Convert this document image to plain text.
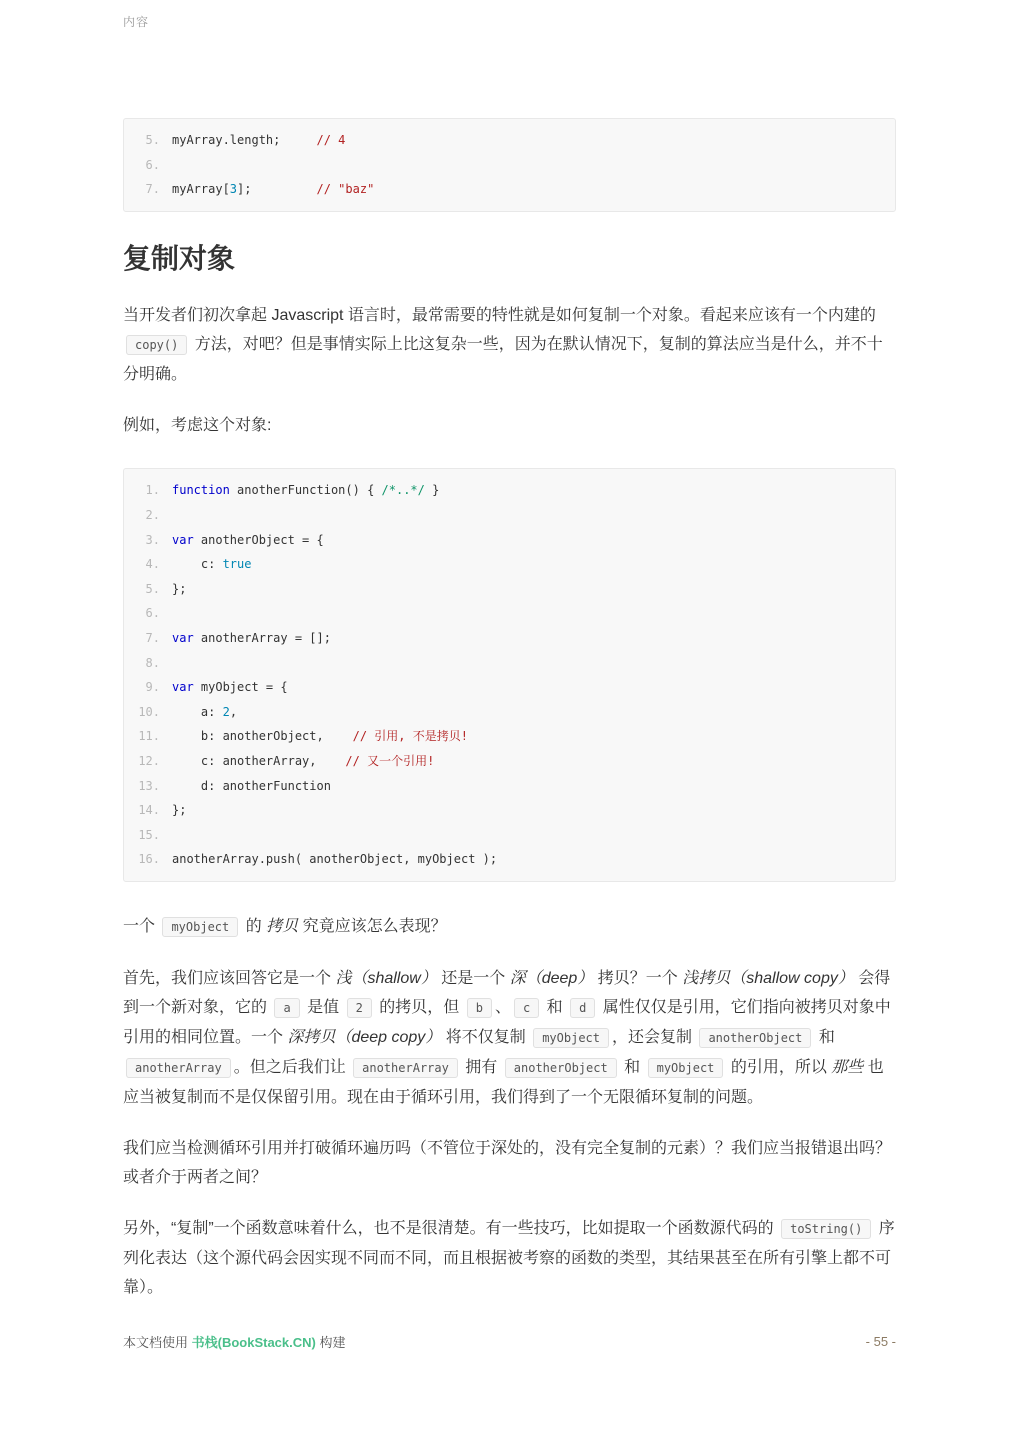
内容
5. myArray.length;     // 4
6.
7. myArray[3];         // "baz"
复制对象

当开发者们初次拿起 Javascript 语言时，最常需要的特性就是如何复制一个对象。看起来应该有一个内建的 copy() 方法，对吧？但是事情实际上比这复杂一些，因为在默认情况下，复制的算法应当是什么，并不十分明确。

例如，考虑这个对象:

1. function anotherFunction() { /*..*/ }
2.
3. var anotherObject = {
4.    c: true
5. };
6.
7. var anotherArray = [];
8.
9. var myObject = {
10.    a: 2,
11.    b: anotherObject,    // 引用, 不是拷贝!
12.    c: anotherArray,    // 又一个引用!
13.    d: anotherFunction
14. };
15.
16. anotherArray.push( anotherObject, myObject );

一个 myObject 的 拷贝 究竟应该怎么表现？

首先，我们应该回答它是一个 浅（shallow） 还是一个 深（deep） 拷贝？一个 浅拷贝（shallow copy） 会得到一个新对象，它的 a 是值 2 的拷贝，但 b 、 c 和 d 属性仅仅是引用，它们指向被拷贝对象中引用的相同位置。一个 深拷贝（deep copy） 将不仅复制 myObject ，还会复制 anotherObject 和 anotherArray 。但之后我们让 anotherArray 拥有 anotherObject 和 myObject 的引用，所以 那些 也应当被复制而不是仅保留引用。现在由于循环引用，我们得到了一个无限循环复制的问题。

我们应当检测循环引用并打破循环遍历吗（不管位于深处的，没有完全复制的元素）？我们应当报错退出吗？或者介于两者之间？

另外，“复制”一个函数意味着什么，也不是很清楚。有一些技巧，比如提取一个函数源代码的 toString() 序列化表达（这个源代码会因实现不同而不同，而且根据被考察的函数的类型，其结果甚至在所有引擎上都不可靠）。

本文档使用 书栈(BookStack.CN) 构建	- 55 -
